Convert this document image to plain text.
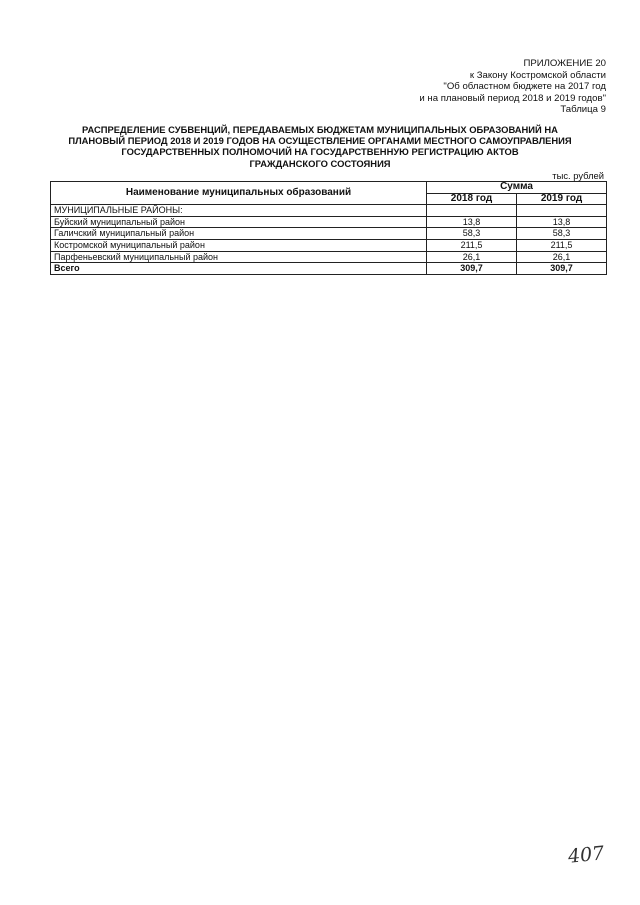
ПРИЛОЖЕНИЕ 20
к Закону Костромской области
"Об областном бюджете на 2017 год
и на плановый период 2018 и 2019 годов"
Таблица 9
РАСПРЕДЕЛЕНИЕ СУБВЕНЦИЙ, ПЕРЕДАВАЕМЫХ БЮДЖЕТАМ МУНИЦИПАЛЬНЫХ ОБРАЗОВАНИЙ НА
ПЛАНОВЫЙ ПЕРИОД 2018 И 2019 ГОДОВ НА ОСУЩЕСТВЛЕНИЕ ОРГАНАМИ МЕСТНОГО САМОУПРАВЛЕНИЯ
ГОСУДАРСТВЕННЫХ ПОЛНОМОЧИЙ НА ГОСУДАРСТВЕННУЮ РЕГИСТРАЦИЮ АКТОВ
ГРАЖДАНСКОГО СОСТОЯНИЯ
тыс. рублей
Наименование муниципальных образований	Сумма	
	2018 год	2019 год
МУНИЦИПАЛЬНЫЕ РАЙОНЫ:		
Буйский муниципальный район	13,8	13,8
Галичский муниципальный район	58,3	58,3
Костромской муниципальный район	211,5	211,5
Парфеньевский муниципальный район	26,1	26,1
Всего	309,7	309,7
407
